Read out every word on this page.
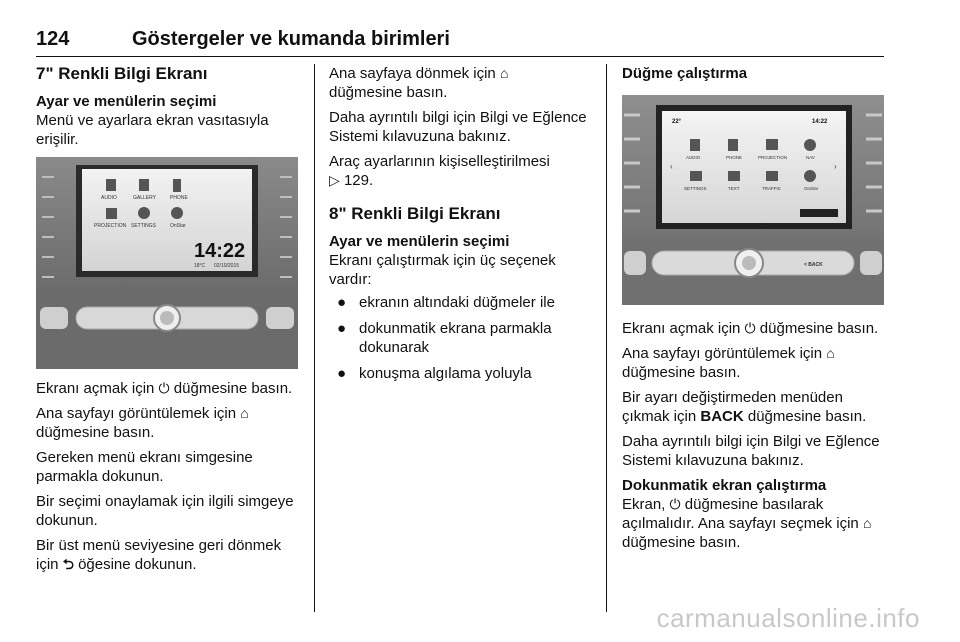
124	Göstergeler ve kumanda birimleri
7" Renkli Bilgi Ekranı
Ayar ve menülerin seçimi
Menü ve ayarlara ekran vasıtasıyla erişilir.
AUDIO	GALLERY	PHONE
PROJECTION SETTINGS	OnStar
14:22
18°C 02/10/2015
Ekranı açmak için ⏻ düğmesine basın.
Ana sayfayı görüntülemek için ⌂
düğmesine basın.
Gereken menü ekranı simgesine parmakla dokunun.
Bir seçimi onaylamak için ilgili simgeye dokunun.
Bir üst menü seviyesine geri dönmek için ⮌ öğesine dokunun.
Ana sayfaya dönmek için ⌂
düğmesine basın.
Daha ayrıntılı bilgi için Bilgi ve Eğlence Sistemi kılavuzuna bakınız.
Araç ayarlarının kişiselleştirilmesi
▷ 129.
8" Renkli Bilgi Ekranı
Ayar ve menülerin seçimi
Ekranı çalıştırmak için üç seçenek vardır:
● ekranın altındaki düğmeler ile
● dokunmatik ekrana parmakla dokunarak
● konuşma algılama yoluyla
Düğme çalıştırma
22°	14:22
AUDIO	PHONE	PROJECTION	NAV
SETTINGS	TEXT	TRAFFIC	OnStar
‹	›
< BACK
Ekranı açmak için ⏻ düğmesine basın.
Ana sayfayı görüntülemek için ⌂
düğmesine basın.
Bir ayarı değiştirmeden menüden çıkmak için BACK düğmesine basın.
Daha ayrıntılı bilgi için Bilgi ve Eğlence Sistemi kılavuzuna bakınız.
Dokunmatik ekran çalıştırma
Ekran, ⏻ düğmesine basılarak açılmalıdır. Ana sayfayı seçmek için ⌂ düğmesine basın.
carmanualsonline.info
